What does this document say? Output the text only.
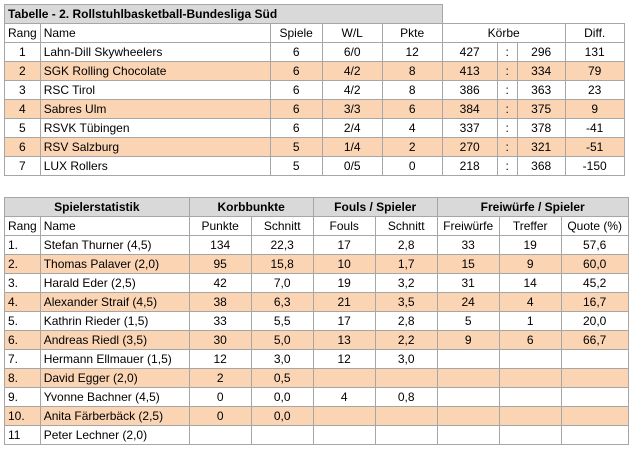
Tabelle - 2. Rollstuhlbasketball-Bundesliga Süd								
Rang	Name	Spiele	W/L	Pkte	Körbe			Diff.
1	Lahn-Dill Skywheelers	6	6/0	12	427	:	296	131
2	SGK Rolling Chocolate	6	4/2	8	413	:	334	79
3	RSC Tirol	6	4/2	8	386	:	363	23
4	Sabres Ulm	6	3/3	6	384	:	375	9
5	RSVK Tübingen	6	2/4	4	337	:	378	-41
6	RSV Salzburg	5	1/4	2	270	:	321	-51
7	LUX Rollers	5	0/5	0	218	:	368	-150
Spielerstatistik		Korbbunkte		Fouls / Spieler		Freiwürfe / Spieler		
Rang	Name	Punkte	Schnitt	Fouls	Schnitt	Freiwürfe	Treffer	Quote (%)
1.	Stefan Thurner (4,5)	134	22,3	17	2,8	33	19	57,6
2.	Thomas Palaver (2,0)	95	15,8	10	1,7	15	9	60,0
3.	Harald Eder (2,5)	42	7,0	19	3,2	31	14	45,2
4.	Alexander Straif (4,5)	38	6,3	21	3,5	24	4	16,7
5.	Kathrin Rieder (1,5)	33	5,5	17	2,8	5	1	20,0
6.	Andreas Riedl (3,5)	30	5,0	13	2,2	9	6	66,7
7.	Hermann Ellmauer (1,5)	12	3,0	12	3,0			
8.	David Egger (2,0)	2	0,5					
9.	Yvonne Bachner (4,5)	0	0,0	4	0,8			
10.	Anita Färberbäck (2,5)	0	0,0					
11	Peter Lechner (2,0)							
